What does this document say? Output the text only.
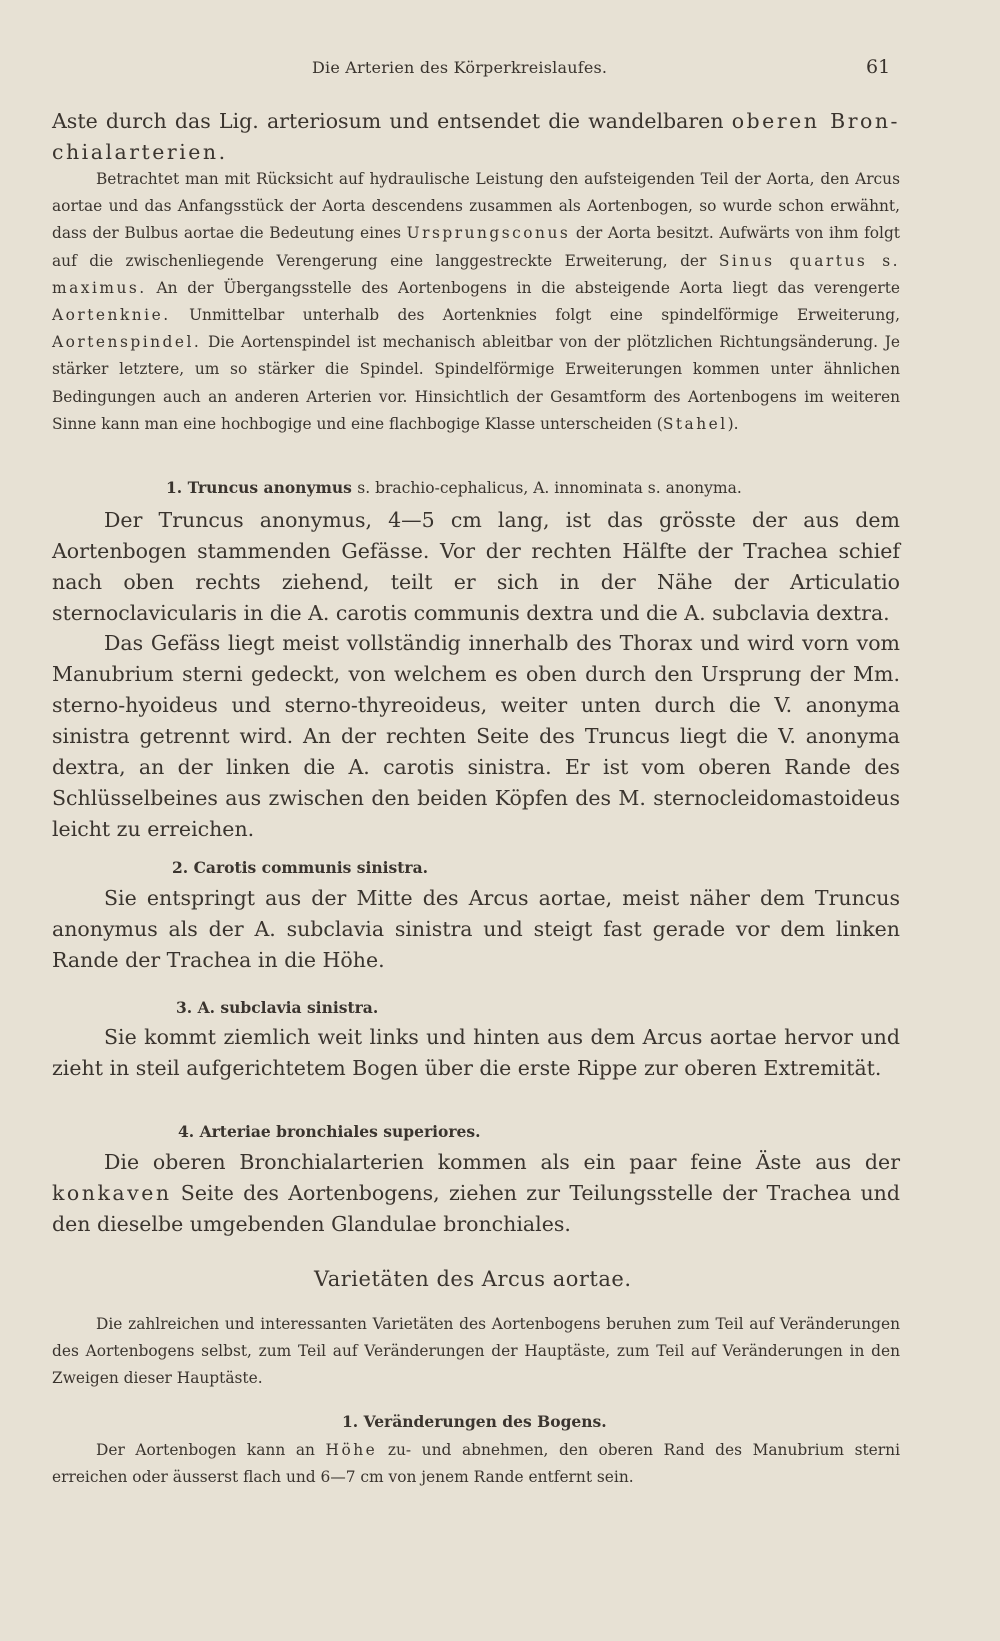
Die Arterien des Körperkreislaufes.	61

Aste durch das Lig. arteriosum und entsendet die wandelbaren oberen Bron-chialarterien.

Betrachtet man mit Rücksicht auf hydraulische Leistung den aufsteigenden Teil der Aorta, den Arcus aortae und das Anfangsstück der Aorta descendens zusammen als Aortenbogen, so wurde schon erwähnt, dass der Bulbus aortae die Bedeutung eines Ursprungsconus der Aorta besitzt. Aufwärts von ihm folgt auf die zwischenliegende Verengerung eine langgestreckte Erweiterung, der Sinus quartus s. maximus. An der Übergangsstelle des Aortenbogens in die absteigende Aorta liegt das verengerte Aortenknie. Unmittelbar unterhalb des Aortenknies folgt eine spindelförmige Erweiterung, Aortenspindel. Die Aortenspindel ist mechanisch ableitbar von der plötzlichen Richtungsänderung. Je stärker letztere, um so stärker die Spindel. Spindelförmige Erweiterungen kommen unter ähnlichen Bedingungen auch an anderen Arterien vor. Hinsichtlich der Gesamtform des Aortenbogens im weiteren Sinne kann man eine hochbogige und eine flachbogige Klasse unterscheiden (Stahel).

1. Truncus anonymus s. brachio-cephalicus, A. innominata s. anonyma.

Der Truncus anonymus, 4—5 cm lang, ist das grösste der aus dem Aortenbogen stammenden Gefässe. Vor der rechten Hälfte der Trachea schief nach oben rechts ziehend, teilt er sich in der Nähe der Articulatio sternoclavicularis in die A. carotis communis dextra und die A. subclavia dextra.

Das Gefäss liegt meist vollständig innerhalb des Thorax und wird vorn vom Manubrium sterni gedeckt, von welchem es oben durch den Ursprung der Mm. sterno-hyoideus und sterno-thyreoideus, weiter unten durch die V. anonyma sinistra getrennt wird. An der rechten Seite des Truncus liegt die V. anonyma dextra, an der linken die A. carotis sinistra. Er ist vom oberen Rande des Schlüsselbeines aus zwischen den beiden Köpfen des M. sternocleidomastoideus leicht zu erreichen.

2. Carotis communis sinistra.

Sie entspringt aus der Mitte des Arcus aortae, meist näher dem Truncus anonymus als der A. subclavia sinistra und steigt fast gerade vor dem linken Rande der Trachea in die Höhe.

3. A. subclavia sinistra.

Sie kommt ziemlich weit links und hinten aus dem Arcus aortae hervor und zieht in steil aufgerichtetem Bogen über die erste Rippe zur oberen Extremität.

4. Arteriae bronchiales superiores.

Die oberen Bronchialarterien kommen als ein paar feine Äste aus der konkaven Seite des Aortenbogens, ziehen zur Teilungsstelle der Trachea und den dieselbe umgebenden Glandulae bronchiales.

Varietäten des Arcus aortae.

Die zahlreichen und interessanten Varietäten des Aortenbogens beruhen zum Teil auf Veränderungen des Aortenbogens selbst, zum Teil auf Veränderungen der Hauptäste, zum Teil auf Veränderungen in den Zweigen dieser Hauptäste.

1. Veränderungen des Bogens.

Der Aortenbogen kann an Höhe zu- und abnehmen, den oberen Rand des Manubrium sterni erreichen oder äusserst flach und 6—7 cm von jenem Rande entfernt sein.
